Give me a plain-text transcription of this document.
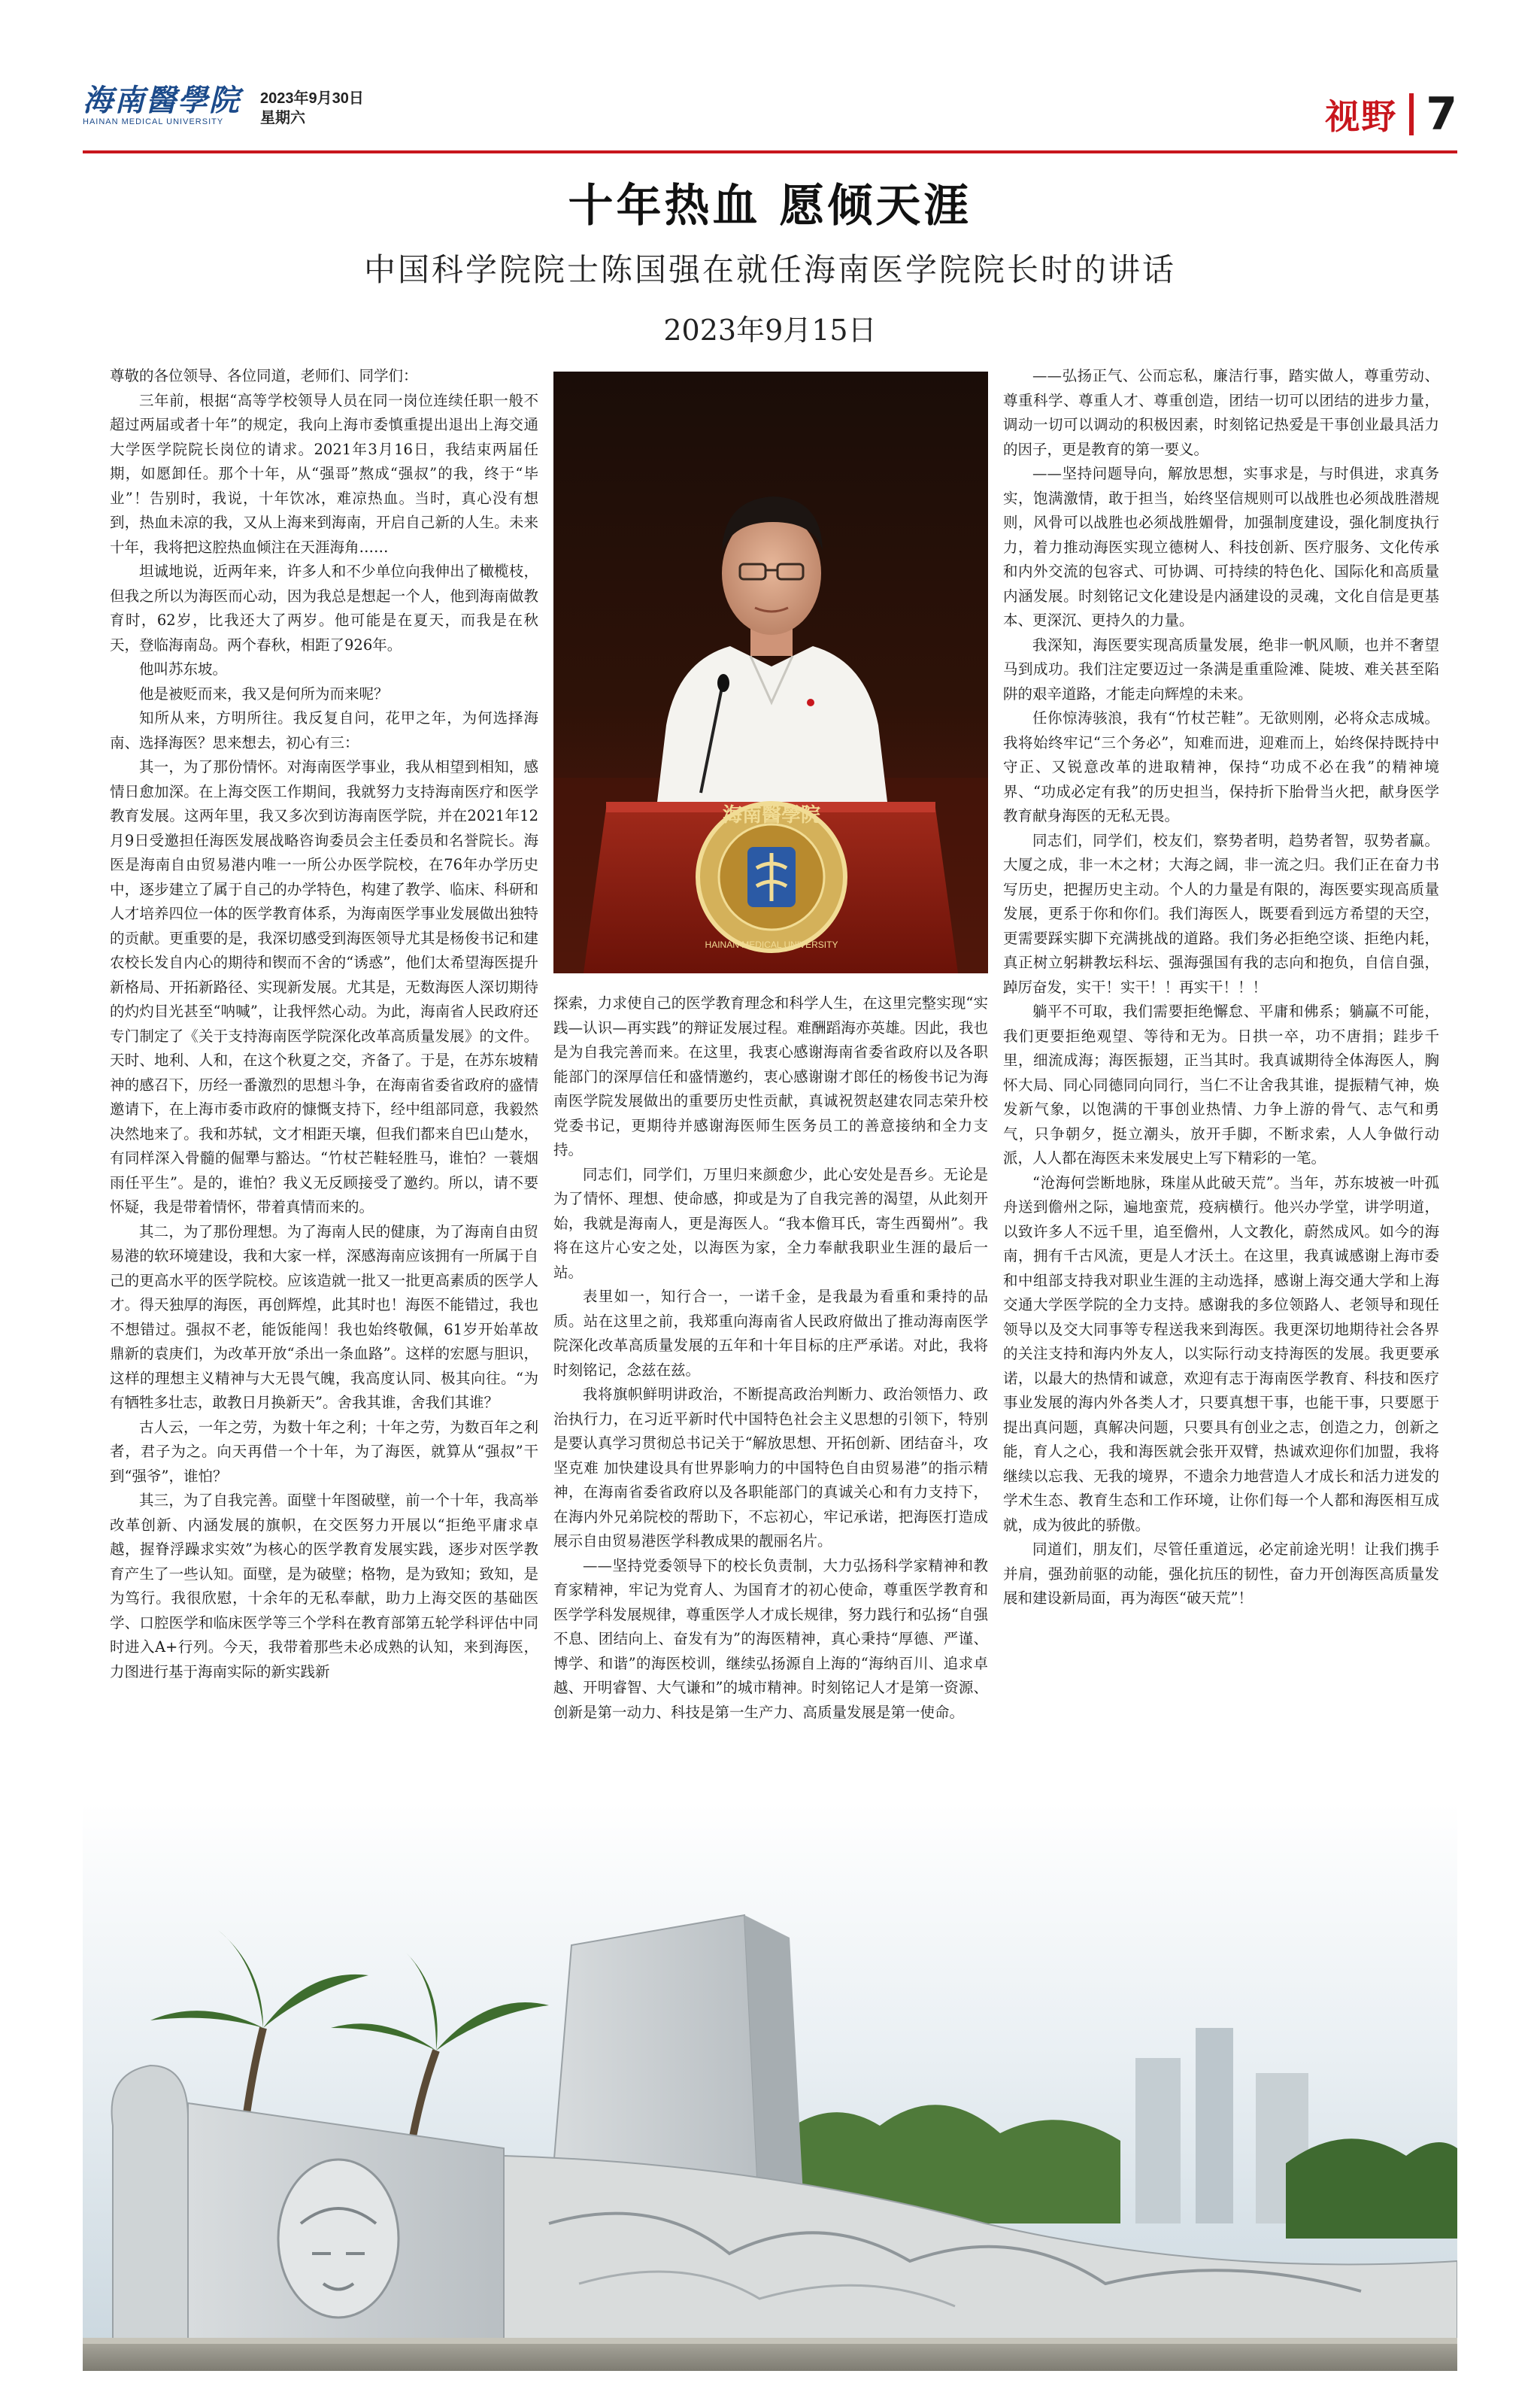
海南醫學院
HAINAN MEDICAL UNIVERSITY
2023年9月30日
星期六	视野 7
十年热血 愿倾天涯
中国科学院院士陈国强在就任海南医学院院长时的讲话
2023年9月15日

尊敬的各位领导、各位同道，老师们、同学们：

三年前，根据“高等学校领导人员在同一岗位连续任职一般不超过两届或者十年”的规定，我向上海市委慎重提出退出上海交通大学医学院院长岗位的请求。2021年3月16日，我结束两届任期，如愿卸任。那个十年，从“强哥”熬成“强叔”的我，终于“毕业”！告别时，我说，十年饮冰，难凉热血。当时，真心没有想到，热血未凉的我，又从上海来到海南，开启自己新的人生。未来十年，我将把这腔热血倾注在天涯海角……

坦诚地说，近两年来，许多人和不少单位向我伸出了橄榄枝，但我之所以为海医而心动，因为我总是想起一个人，他到海南做教育时，62岁，比我还大了两岁。他可能是在夏天，而我是在秋天，登临海南岛。两个春秋，相距了926年。

他叫苏东坡。

他是被贬而来，我又是何所为而来呢？

知所从来，方明所往。我反复自问，花甲之年，为何选择海南、选择海医？思来想去，初心有三：

其一，为了那份情怀。对海南医学事业，我从相望到相知，感情日愈加深。在上海交医工作期间，我就努力支持海南医疗和医学教育发展。这两年里，我又多次到访海南医学院，并在2021年12月9日受邀担任海医发展战略咨询委员会主任委员和名誉院长。海医是海南自由贸易港内唯一一所公办医学院校，在76年办学历史中，逐步建立了属于自己的办学特色，构建了教学、临床、科研和人才培养四位一体的医学教育体系，为海南医学事业发展做出独特的贡献。更重要的是，我深切感受到海医领导尤其是杨俊书记和建农校长发自内心的期待和锲而不舍的“诱惑”，他们太希望海医提升新格局、开拓新路径、实现新发展。尤其是，无数海医人深切期待的灼灼目光甚至“呐喊”，让我怦然心动。为此，海南省人民政府还专门制定了《关于支持海南医学院深化改革高质量发展》的文件。天时、地利、人和，在这个秋夏之交，齐备了。于是，在苏东坡精神的感召下，历经一番激烈的思想斗争，在海南省委省政府的盛情邀请下，在上海市委市政府的慷慨支持下，经中组部同意，我毅然决然地来了。我和苏轼，文才相距天壤，但我们都来自巴山楚水，有同样深入骨髓的倔犟与豁达。“竹杖芒鞋轻胜马，谁怕？一蓑烟雨任平生”。是的，谁怕？我义无反顾接受了邀约。所以，请不要怀疑，我是带着情怀，带着真情而来的。

其二，为了那份理想。为了海南人民的健康，为了海南自由贸易港的软环境建设，我和大家一样，深感海南应该拥有一所属于自己的更高水平的医学院校。应该造就一批又一批更高素质的医学人才。得天独厚的海医，再创辉煌，此其时也！海医不能错过，我也不想错过。强叔不老，能饭能闯！我也始终敬佩，61岁开始革故鼎新的袁庚们，为改革开放“杀出一条血路”。这样的宏愿与胆识，这样的理想主义精神与大无畏气魄，我高度认同、极其向往。“为有牺牲多壮志，敢教日月换新天”。舍我其谁，舍我们其谁？

古人云，一年之劳，为数十年之利；十年之劳，为数百年之利者，君子为之。向天再借一个十年，为了海医，就算从“强叔”干到“强爷”，谁怕？

其三，为了自我完善。面壁十年图破壁，前一个十年，我高举改革创新、内涵发展的旗帜，在交医努力开展以“拒绝平庸求卓越，握脊浮躁求实效”为核心的医学教育发展实践，逐步对医学教育产生了一些认知。面壁，是为破壁；格物，是为致知；致知，是为笃行。我很欣慰，十余年的无私奉献，助力上海交医的基础医学、口腔医学和临床医学等三个学科在教育部第五轮学科评估中同时进入A+行列。今天，我带着那些未必成熟的认知，来到海医，力图进行基于海南实际的新实践新

海南醫學院
HAINAN MEDICAL UNIVERSITY

探索，力求使自己的医学教育理念和科学人生，在这里完整实现“实践—认识—再实践”的辩证发展过程。难酬蹈海亦英雄。因此，我也是为自我完善而来。在这里，我衷心感谢海南省委省政府以及各职能部门的深厚信任和盛情邀约，衷心感谢谢才郎任的杨俊书记为海南医学院发展做出的重要历史性贡献，真诚祝贺赵建农同志荣升校党委书记，更期待并感谢海医师生医务员工的善意接纳和全力支持。

同志们，同学们，万里归来颜愈少，此心安处是吾乡。无论是为了情怀、理想、使命感，抑或是为了自我完善的渴望，从此刻开始，我就是海南人，更是海医人。“我本儋耳氏，寄生西蜀州”。我将在这片心安之处，以海医为家，全力奉献我职业生涯的最后一站。

表里如一，知行合一，一诺千金，是我最为看重和秉持的品质。站在这里之前，我郑重向海南省人民政府做出了推动海南医学院深化改革高质量发展的五年和十年目标的庄严承诺。对此，我将时刻铭记，念兹在兹。

我将旗帜鲜明讲政治，不断提高政治判断力、政治领悟力、政治执行力，在习近平新时代中国特色社会主义思想的引领下，特别是要认真学习贯彻总书记关于“解放思想、开拓创新、团结奋斗，攻坚克难 加快建设具有世界影响力的中国特色自由贸易港”的指示精神，在海南省委省政府以及各职能部门的真诚关心和有力支持下，在海内外兄弟院校的帮助下，不忘初心，牢记承诺，把海医打造成展示自由贸易港医学科教成果的靓丽名片。

——坚持党委领导下的校长负责制，大力弘扬科学家精神和教育家精神，牢记为党育人、为国育才的初心使命，尊重医学教育和医学学科发展规律，尊重医学人才成长规律，努力践行和弘扬“自强不息、团结向上、奋发有为”的海医精神，真心秉持“厚德、严谨、博学、和谐”的海医校训，继续弘扬源自上海的“海纳百川、追求卓越、开明睿智、大气谦和”的城市精神。时刻铭记人才是第一资源、创新是第一动力、科技是第一生产力、高质量发展是第一使命。

——弘扬正气、公而忘私，廉洁行事，踏实做人，尊重劳动、尊重科学、尊重人才、尊重创造，团结一切可以团结的进步力量，调动一切可以调动的积极因素，时刻铭记热爱是干事创业最具活力的因子，更是教育的第一要义。

——坚持问题导向，解放思想，实事求是，与时俱进，求真务实，饱满激情，敢于担当，始终坚信规则可以战胜也必须战胜潜规则，风骨可以战胜也必须战胜媚骨，加强制度建设，强化制度执行力，着力推动海医实现立德树人、科技创新、医疗服务、文化传承和内外交流的包容式、可协调、可持续的特色化、国际化和高质量内涵发展。时刻铭记文化建设是内涵建设的灵魂，文化自信是更基本、更深沉、更持久的力量。

我深知，海医要实现高质量发展，绝非一帆风顺，也并不奢望马到成功。我们注定要迈过一条满是重重险滩、陡坡、难关甚至陷阱的艰辛道路，才能走向辉煌的未来。

任你惊涛骇浪，我有“竹杖芒鞋”。无欲则刚，必将众志成城。我将始终牢记“三个务必”，知难而进，迎难而上，始终保持既持中守正、又锐意改革的进取精神，保持“功成不必在我”的精神境界、“功成必定有我”的历史担当，保持折下胎骨当火把，献身医学教育献身海医的无私无畏。

同志们，同学们，校友们，察势者明，趋势者智，驭势者赢。大厦之成，非一木之材；大海之阔，非一流之归。我们正在奋力书写历史，把握历史主动。个人的力量是有限的，海医要实现高质量发展，更系于你和你们。我们海医人，既要看到远方希望的天空，更需要踩实脚下充满挑战的道路。我们务必拒绝空谈、拒绝内耗，真正树立躬耕教坛科坛、强海强国有我的志向和抱负，自信自强，踔厉奋发，实干！实干！！再实干！！！

躺平不可取，我们需要拒绝懈怠、平庸和佛系；躺赢不可能，我们更要拒绝观望、等待和无为。日拱一卒，功不唐捐；跬步千里，细流成海；海医振翅，正当其时。我真诚期待全体海医人，胸怀大局、同心同德同向同行，当仁不让舍我其谁，提振精气神，焕发新气象，以饱满的干事创业热情、力争上游的骨气、志气和勇气，只争朝夕，挺立潮头，放开手脚，不断求索，人人争做行动派，人人都在海医未来发展史上写下精彩的一笔。

“沧海何尝断地脉，珠崖从此破天荒”。当年，苏东坡被一叶孤舟送到儋州之际，遍地蛮荒，疫病横行。他兴办学堂，讲学明道，以致许多人不远千里，追至儋州，人文教化，蔚然成风。如今的海南，拥有千古风流，更是人才沃土。在这里，我真诚感谢上海市委和中组部支持我对职业生涯的主动选择，感谢上海交通大学和上海交通大学医学院的全力支持。感谢我的多位领路人、老领导和现任领导以及交大同事等专程送我来到海医。我更深切地期待社会各界的关注支持和海内外友人，以实际行动支持海医的发展。我更要承诺，以最大的热情和诚意，欢迎有志于海南医学教育、科技和医疗事业发展的海内外各类人才，只要真想干事，也能干事，只要愿于提出真问题，真解决问题，只要具有创业之志，创造之力，创新之能，育人之心，我和海医就会张开双臂，热诚欢迎你们加盟，我将继续以忘我、无我的境界，不遗余力地营造人才成长和活力迸发的学术生态、教育生态和工作环境，让你们每一个人都和海医相互成就，成为彼此的骄傲。

同道们，朋友们，尽管任重道远，必定前途光明！让我们携手并肩，强劲前驱的动能，强化抗压的韧性，奋力开创海医高质量发展和建设新局面，再为海医“破天荒”！
